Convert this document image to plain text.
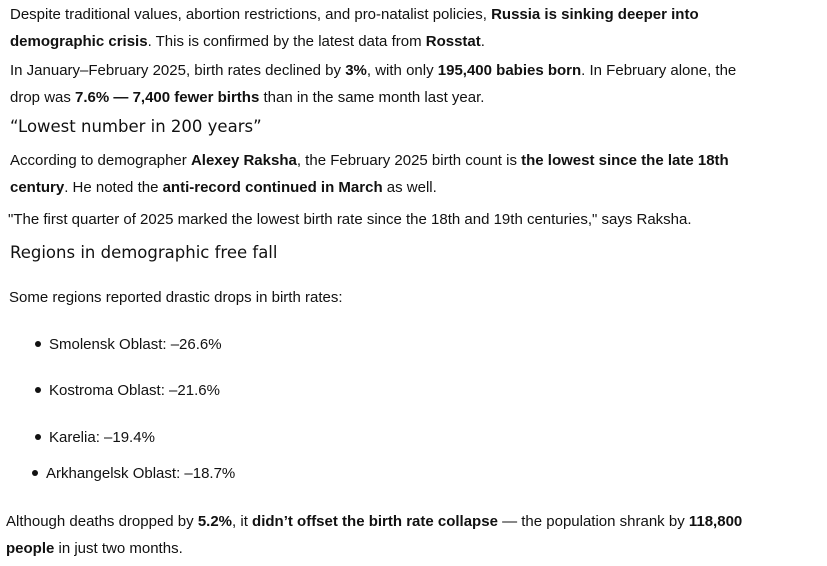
Despite traditional values, abortion restrictions, and pro-natalist policies, Russia is sinking deeper into
demographic crisis. This is confirmed by the latest data from Rosstat.
In January–February 2025, birth rates declined by 3%, with only 195,400 babies born. In February alone, the
drop was 7.6% — 7,400 fewer births than in the same month last year.
“Lowest number in 200 years”
According to demographer Alexey Raksha, the February 2025 birth count is the lowest since the late 18th
century. He noted the anti-record continued in March as well.
"The first quarter of 2025 marked the lowest birth rate since the 18th and 19th centuries," says Raksha.
Regions in demographic free fall
Some regions reported drastic drops in birth rates:
Smolensk Oblast: –26.6%
Kostroma Oblast: –21.6%
Karelia: –19.4%
Arkhangelsk Oblast: –18.7%
Although deaths dropped by 5.2%, it didn’t offset the birth rate collapse — the population shrank by 118,800
people in just two months.
